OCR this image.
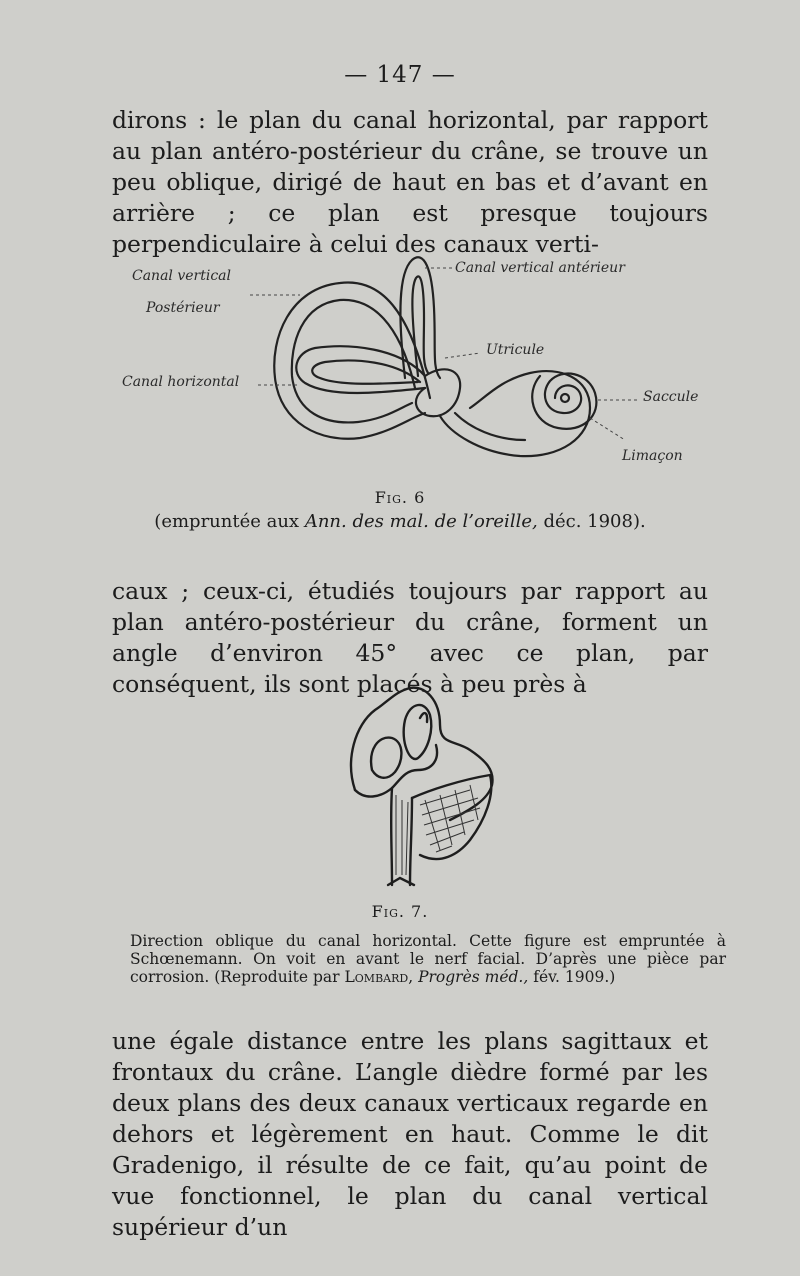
— 147 —

dirons : le plan du canal horizontal, par rapport au plan antéro-postérieur du crâne, se trouve un peu oblique, dirigé de haut en bas et d’avant en arrière ; ce plan est presque toujours perpendiculaire à celui des canaux verti-

Canal vertical
Postérieur
Canal horizontal
Canal vertical antérieur
Utricule
Saccule
Limaçon
Fig. 6
(empruntée aux Ann. des mal. de l’oreille, déc. 1908).

caux ; ceux-ci, étudiés toujours par rapport au plan antéro-postérieur du crâne, forment un angle d’environ 45° avec ce plan, par conséquent, ils sont placés à peu près à

Fig. 7.

Direction oblique du canal horizontal. Cette figure est empruntée à Schœnemann. On voit en avant le nerf facial. D’après une pièce par corrosion. (Reproduite par Lombard, Progrès méd., fév. 1909.)

une égale distance entre les plans sagittaux et frontaux du crâne. L’angle dièdre formé par les deux plans des deux canaux verticaux regarde en dehors et légèrement en haut. Comme le dit Gradenigo, il résulte de ce fait, qu’au point de vue fonctionnel, le plan du canal vertical supérieur d’un
